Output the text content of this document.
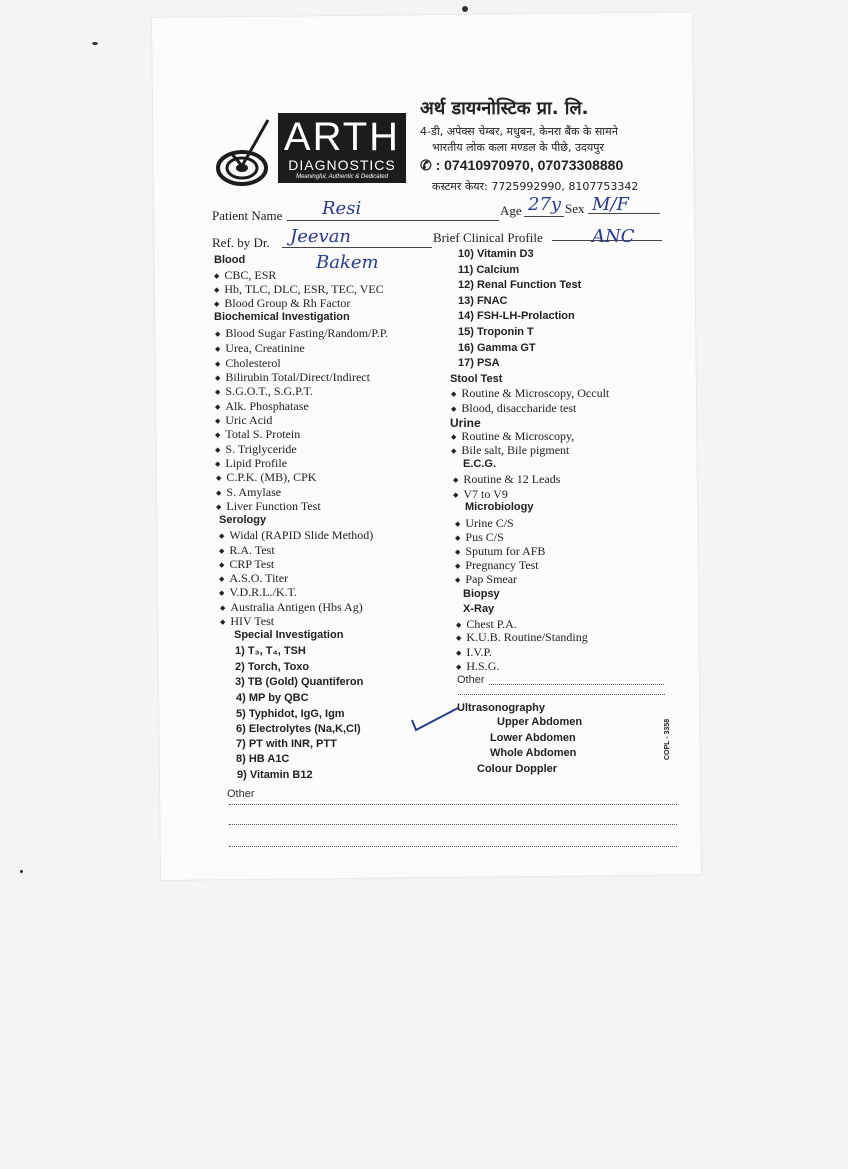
ARTH
DIAGNOSTICS
Meaningful, Authentic & Dedicated
अर्थ डायग्नोस्टिक प्रा. लि.
4-डी, अपेक्स चेम्बर, मधुबन, केनरा बैंक के सामने
भारतीय लोक कला मण्डल के पीछे, उदयपुर
✆ : 07410970970, 07073308880
कस्टमर केयर: 7725992990, 8107753342
Patient Name Resi	Age 27y Sex M/F
Ref. by Dr. Jeevan
Bakem
Brief Clinical Profile	ANC
Blood
◆ CBC, ESR
◆ Hb, TLC, DLC, ESR, TEC, VEC
◆ Blood Group & Rh Factor
Biochemical Investigation
◆ Blood Sugar Fasting/Random/P.P.
◆ Urea, Creatinine
◆ Cholesterol
◆ Bilirubin Total/Direct/Indirect
◆ S.G.O.T., S.G.P.T.
◆ Alk. Phosphatase
◆ Uric Acid
◆ Total S. Protein
◆ S. Triglyceride
◆ Lipid Profile
◆ C.P.K. (MB), CPK
◆ S. Amylase
◆ Liver Function Test
Serology
◆ Widal (RAPID Slide Method)
◆ R.A. Test
◆ CRP Test
◆ A.S.O. Titer
◆ V.D.R.L./K.T.
◆ Australia Antigen (Hbs Ag)
◆ HIV Test
Special Investigation
1) T₃, T₄, TSH
2) Torch, Toxo
3) TB (Gold) Quantiferon
4) MP by QBC
5) Typhidot, IgG, Igm
6) Electrolytes (Na,K,Cl)
7) PT with INR, PTT
8) HB A1C
9) Vitamin B12
Other
10) Vitamin D3
11) Calcium
12) Renal Function Test
13) FNAC
14) FSH-LH-Prolaction
15) Troponin T
16) Gamma GT
17) PSA
Stool Test
◆ Routine & Microscopy, Occult
◆ Blood, disaccharide test
Urine
◆ Routine & Microscopy,
◆ Bile salt, Bile pigment
E.C.G.
◆ Routine & 12 Leads
◆ V7 to V9
Microbiology
◆ Urine C/S
◆ Pus C/S
◆ Sputum for AFB
◆ Pregnancy Test
◆ Pap Smear
Biopsy
X-Ray
◆ Chest P.A.
◆ K.U.B. Routine/Standing
◆ I.V.P.
◆ H.S.G.
Other
Ultrasonography
Upper Abdomen
Lower Abdomen
Whole Abdomen
Colour Doppler
COPL - 3358
